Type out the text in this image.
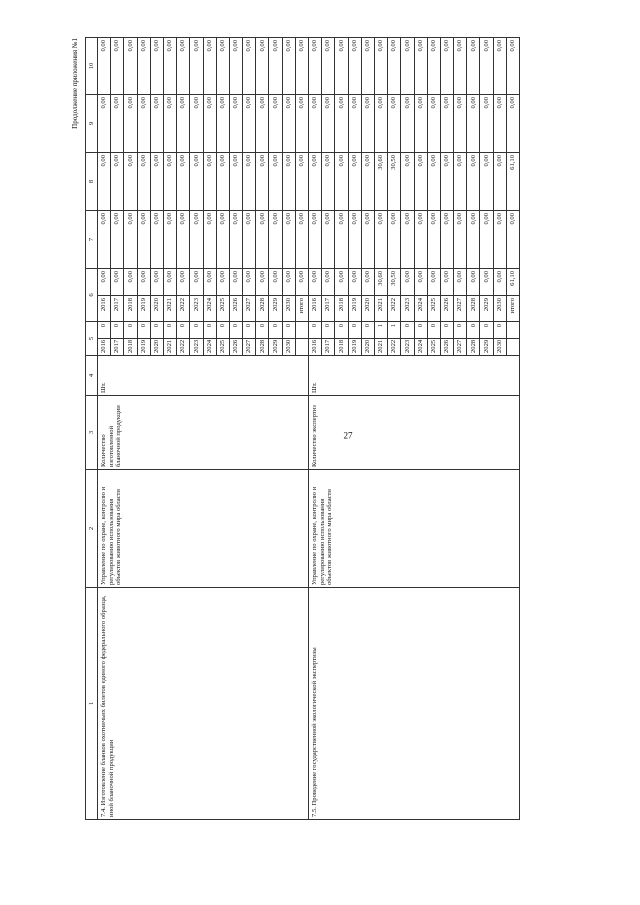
Продолжение приложения №1
27
1	2	3	4	5		6		7	8	9	10
7.4. Изготовление бланков охотничьих билетов единого федерального образца, иной бланочной продукции	Управление по охране, контролю и регулированию использования объектов животного мира области	Количество изготовленной бланочной продукции	Шт.	2016	0	2016	0,00	0,00	0,00	0,00	0,00
				2017	0	2017	0,00	0,00	0,00	0,00	0,00
				2018	0	2018	0,00	0,00	0,00	0,00	0,00
				2019	0	2019	0,00	0,00	0,00	0,00	0,00
				2020	0	2020	0,00	0,00	0,00	0,00	0,00
				2021	0	2021	0,00	0,00	0,00	0,00	0,00
				2022	0	2022	0,00	0,00	0,00	0,00	0,00
				2023	0	2023	0,00	0,00	0,00	0,00	0,00
				2024	0	2024	0,00	0,00	0,00	0,00	0,00
				2025	0	2025	0,00	0,00	0,00	0,00	0,00
				2026	0	2026	0,00	0,00	0,00	0,00	0,00
				2027	0	2027	0,00	0,00	0,00	0,00	0,00
				2028	0	2028	0,00	0,00	0,00	0,00	0,00
				2029	0	2029	0,00	0,00	0,00	0,00	0,00
				2030	0	2030	0,00	0,00	0,00	0,00	0,00
						итого	0,00	0,00	0,00	0,00	0,00
7.5. Проведение государственной экологической экспертизы	Управление по охране, контролю и регулированию использования объектов животного мира области	Количество экспертиз	Шт.	2016	0	2016	0,00	0,00	0,00	0,00	0,00
				2017	0	2017	0,00	0,00	0,00	0,00	0,00
				2018	0	2018	0,00	0,00	0,00	0,00	0,00
				2019	0	2019	0,00	0,00	0,00	0,00	0,00
				2020	0	2020	0,00	0,00	0,00	0,00	0,00
				2021	1	2021	30,60	0,00	30,60	0,00	0,00
				2022	1	2022	30,50	0,00	30,50	0,00	0,00
				2023	0	2023	0,00	0,00	0,00	0,00	0,00
				2024	0	2024	0,00	0,00	0,00	0,00	0,00
				2025	0	2025	0,00	0,00	0,00	0,00	0,00
				2026	0	2026	0,00	0,00	0,00	0,00	0,00
				2027	0	2027	0,00	0,00	0,00	0,00	0,00
				2028	0	2028	0,00	0,00	0,00	0,00	0,00
				2029	0	2029	0,00	0,00	0,00	0,00	0,00
				2030	0	2030	0,00	0,00	0,00	0,00	0,00
						итого	61,10	0,00	61,10	0,00	0,00
